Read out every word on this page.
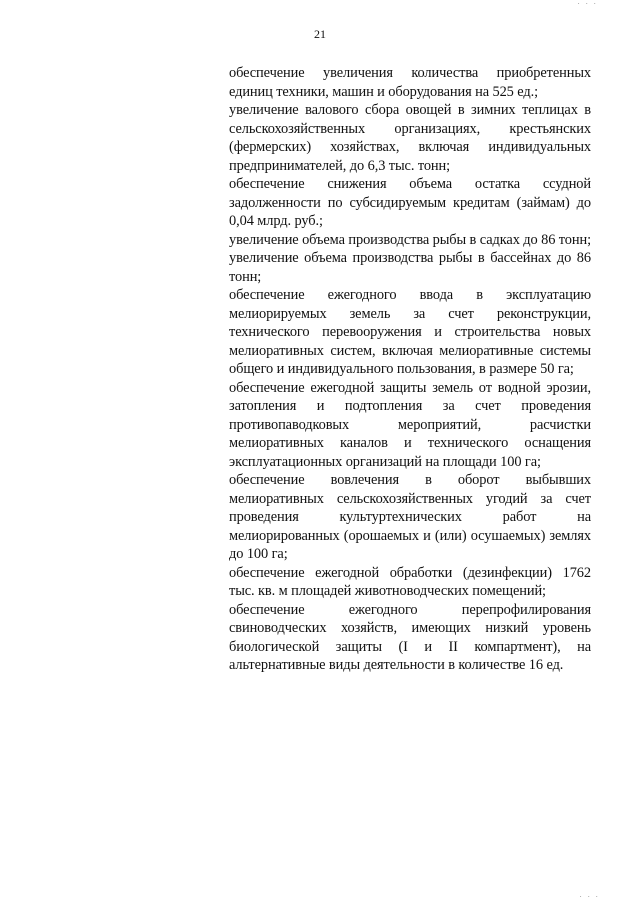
· · ·
21

обеспечение увеличения количества приобретенных единиц техники, машин и оборудования на 525 ед.;

увеличение валового сбора овощей в зимних теплицах в сельскохозяйственных организациях, крестьянских (фермерских) хозяйствах, включая индивидуальных предпринимателей, до 6,3 тыс. тонн;

обеспечение снижения объема остатка ссудной задолженности по субсидируемым кредитам (займам) до 0,04 млрд. руб.;

увеличение объема производства рыбы в садках до 86 тонн;

увеличение объема производства рыбы в бассейнах до 86 тонн;

обеспечение ежегодного ввода в эксплуатацию мелиорируемых земель за счет реконструкции, технического перевооружения и строительства новых мелиоративных систем, включая мелиоративные системы общего и индивидуального пользования, в размере 50 га;

обеспечение ежегодной защиты земель от водной эрозии, затопления и подтопления за счет проведения противопаводковых мероприятий, расчистки мелиоративных каналов и технического оснащения эксплуатационных организаций на площади 100 га;

обеспечение вовлечения в оборот выбывших мелиоративных сельскохозяйственных угодий за счет проведения культуртехнических работ на мелиорированных (орошаемых и (или) осушаемых) землях до 100 га;

обеспечение ежегодной обработки (дезинфекции) 1762 тыс. кв. м площадей животноводческих помещений;

обеспечение ежегодного перепрофилирования свиноводческих хозяйств, имеющих низкий уровень биологической защиты (I и II компартмент), на альтернативные виды деятельности в количестве 16 ед.

· · ·
